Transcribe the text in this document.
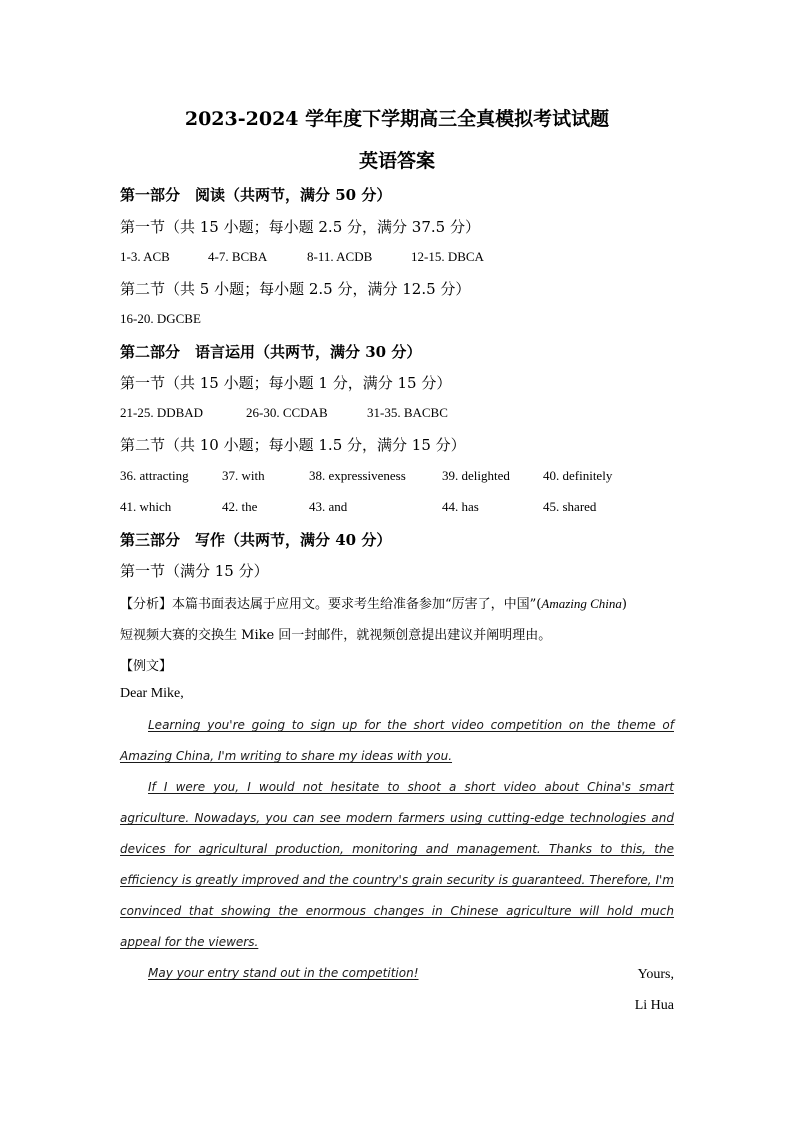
2023-2024 学年度下学期高三全真模拟考试试题
英语答案
第一部分　阅读（共两节，满分 50 分）
第一节（共 15 小题；每小题 2.5 分，满分 37.5 分）
1-3. ACB	4-7. BCBA	8-11. ACDB	12-15. DBCA
第二节（共 5 小题；每小题 2.5 分，满分 12.5 分）
16-20. DGCBE
第二部分　语言运用（共两节，满分 30 分）
第一节（共 15 小题；每小题 1 分，满分 15 分）
21-25. DDBAD	26-30. CCDAB	31-35. BACBC
第二节（共 10 小题；每小题 1.5 分，满分 15 分）
36. attracting	37. with	38. expressiveness	39. delighted	40. definitely
41. which	42. the	43. and	44. has	45. shared
第三部分　写作（共两节，满分 40 分）
第一节（满分 15 分）
【分析】本篇书面表达属于应用文。要求考生给准备参加“厉害了，中国”(Amazing China)
短视频大赛的交换生 Mike 回一封邮件，就视频创意提出建议并阐明理由。
【例文】
Dear Mike,
Learning you're going to sign up for the short video competition on the theme of Amazing China, I'm writing to share my ideas with you.
If I were you, I would not hesitate to shoot a short video about China's smart agriculture. Nowadays, you can see modern farmers using cutting-edge technologies and devices for agricultural production, monitoring and management. Thanks to this, the efficiency is greatly improved and the country's grain security is guaranteed. Therefore, I'm convinced that showing the enormous changes in Chinese agriculture will hold much appeal for the viewers.
May your entry stand out in the competition!	Yours,
Li Hua
